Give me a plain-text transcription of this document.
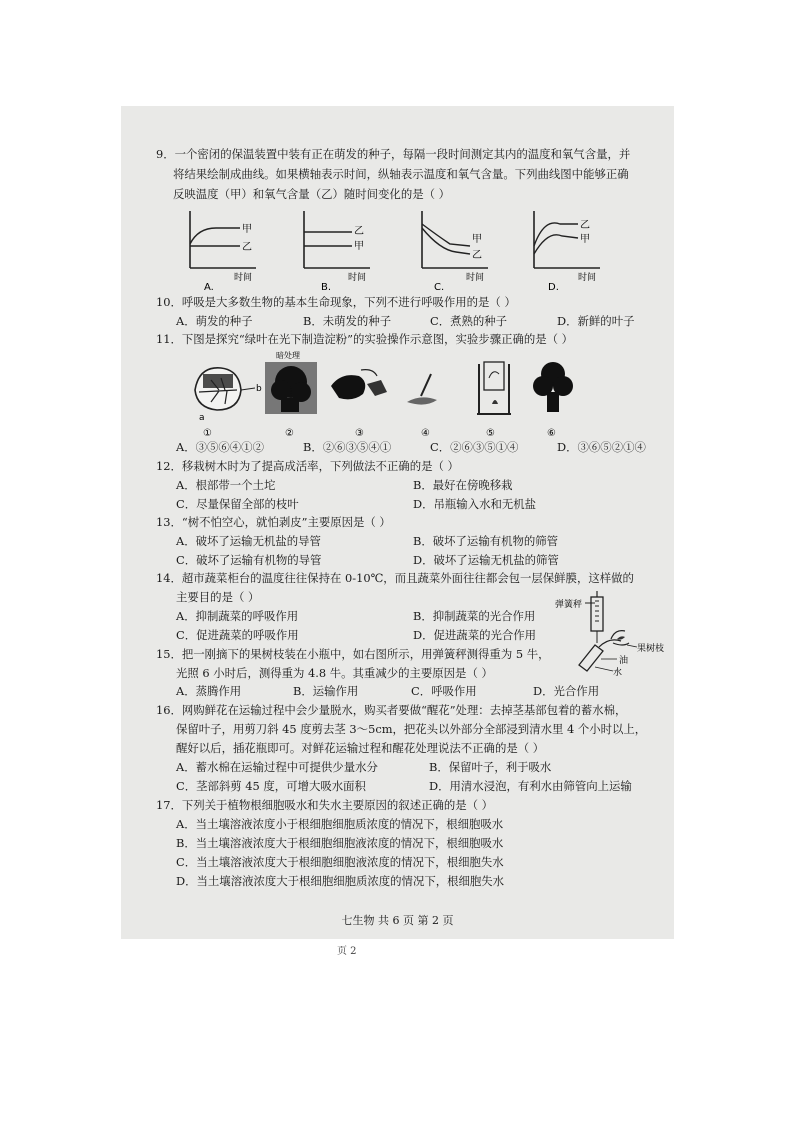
9．一个密闭的保温装置中装有正在萌发的种子，每隔一段时间测定其内的温度和氧气含量，并
将结果绘制成曲线。如果横轴表示时间，纵轴表示温度和氧气含量。下列曲线图中能够正确
反映温度（甲）和氧气含量（乙）随时间变化的是（ ）
甲
乙
时间
A.
乙
甲
时间
B.
甲
乙
时间
C.
乙
甲
时间
D.
10．呼吸是大多数生物的基本生命现象，下列不进行呼吸作用的是（ ）
A．萌发的种子	B．未萌发的种子	C．煮熟的种子	D．新鲜的叶子
11．下图是探究“绿叶在光下制造淀粉”的实验操作示意图，实验步骤正确的是（ ）
b
a
①
暗处理
②	③	④	⑤	⑥
A．③⑤⑥④①②	B．②⑥③⑤④①	C．②⑥③⑤①④	D．③⑥⑤②①④
12．移栽树木时为了提高成活率，下列做法不正确的是（ ）
A．根部带一个土坨	B．最好在傍晚移栽
C．尽量保留全部的枝叶	D．吊瓶输入水和无机盐
13．“树不怕空心，就怕剥皮”主要原因是（ ）
A．破坏了运输无机盐的导管	B．破坏了运输有机物的筛管
C．破坏了运输有机物的导管	D．破坏了运输无机盐的筛管
14．超市蔬菜柜台的温度往往保持在 0-10℃，而且蔬菜外面往往都会包一层保鲜膜，这样做的
主要目的是（ ）
A．抑制蔬菜的呼吸作用	B．抑制蔬菜的光合作用
C．促进蔬菜的呼吸作用	D．促进蔬菜的光合作用
15．把一刚摘下的果树枝装在小瓶中，如右图所示，用弹簧秤测得重为 5 牛，
光照 6 小时后，测得重为 4.8 牛。其重减少的主要原因是（ ）
弹簧秤
果树枝
油
水
A．蒸腾作用	B．运输作用	C．呼吸作用	D．光合作用
16．网购鲜花在运输过程中会少量脱水，购买者要做“醒花”处理：去掉茎基部包着的蓄水棉，
保留叶子，用剪刀斜 45 度剪去茎 3～5cm，把花头以外部分全部浸到清水里 4 个小时以上，
醒好以后，插花瓶即可。对鲜花运输过程和醒花处理说法不正确的是（ ）
A．蓄水棉在运输过程中可提供少量水分	B．保留叶子，利于吸水
C．茎部斜剪 45 度，可增大吸水面积	D．用清水浸泡，有利水由筛管向上运输
17．下列关于植物根细胞吸水和失水主要原因的叙述正确的是（ ）
A．当土壤溶液浓度小于根细胞细胞质浓度的情况下，根细胞吸水
B．当土壤溶液浓度大于根细胞细胞液浓度的情况下，根细胞吸水
C．当土壤溶液浓度大于根细胞细胞液浓度的情况下，根细胞失水
D．当土壤溶液浓度大于根细胞细胞质浓度的情况下，根细胞失水
七生物 共 6 页 第 2 页
页 2
